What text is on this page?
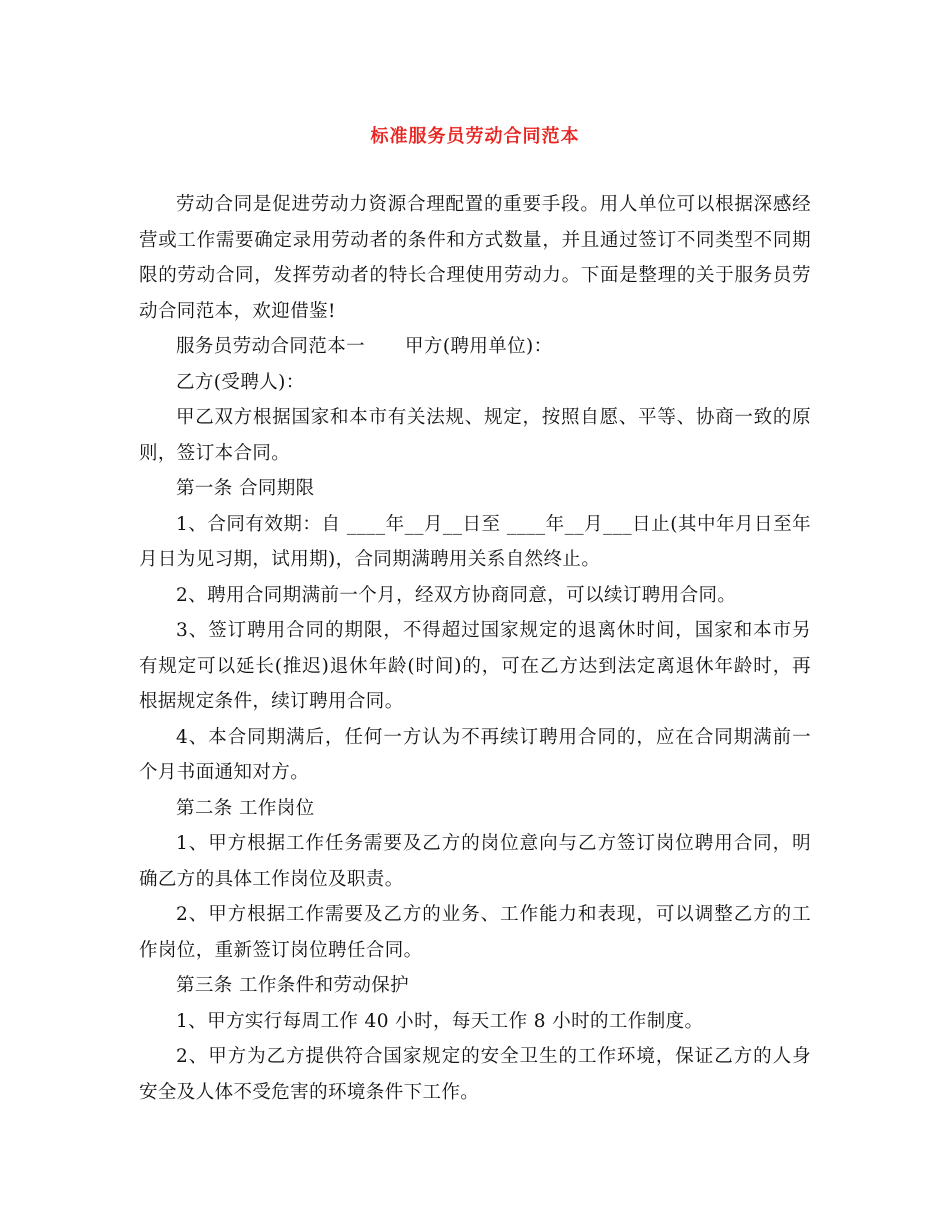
标准服务员劳动合同范本

劳动合同是促进劳动力资源合理配置的重要手段。用人单位可以根据深感经营或工作需要确定录用劳动者的条件和方式数量，并且通过签订不同类型不同期限的劳动合同，发挥劳动者的特长合理使用劳动力。下面是整理的关于服务员劳动合同范本，欢迎借鉴!

服务员劳动合同范本一 甲方(聘用单位)：

乙方(受聘人)：

甲乙双方根据国家和本市有关法规、规定，按照自愿、平等、协商一致的原则，签订本合同。

第一条 合同期限

1、合同有效期：自 ____年__月__日至 ____年__月___日止(其中年月日至年月日为见习期，试用期)，合同期满聘用关系自然终止。

2、聘用合同期满前一个月，经双方协商同意，可以续订聘用合同。

3、签订聘用合同的期限，不得超过国家规定的退离休时间，国家和本市另有规定可以延长(推迟)退休年龄(时间)的，可在乙方达到法定离退休年龄时，再根据规定条件，续订聘用合同。

4、本合同期满后，任何一方认为不再续订聘用合同的，应在合同期满前一个月书面通知对方。

第二条 工作岗位

1、甲方根据工作任务需要及乙方的岗位意向与乙方签订岗位聘用合同，明确乙方的具体工作岗位及职责。

2、甲方根据工作需要及乙方的业务、工作能力和表现，可以调整乙方的工作岗位，重新签订岗位聘任合同。

第三条 工作条件和劳动保护

1、甲方实行每周工作 40 小时，每天工作 8 小时的工作制度。

2、甲方为乙方提供符合国家规定的安全卫生的工作环境，保证乙方的人身安全及人体不受危害的环境条件下工作。
